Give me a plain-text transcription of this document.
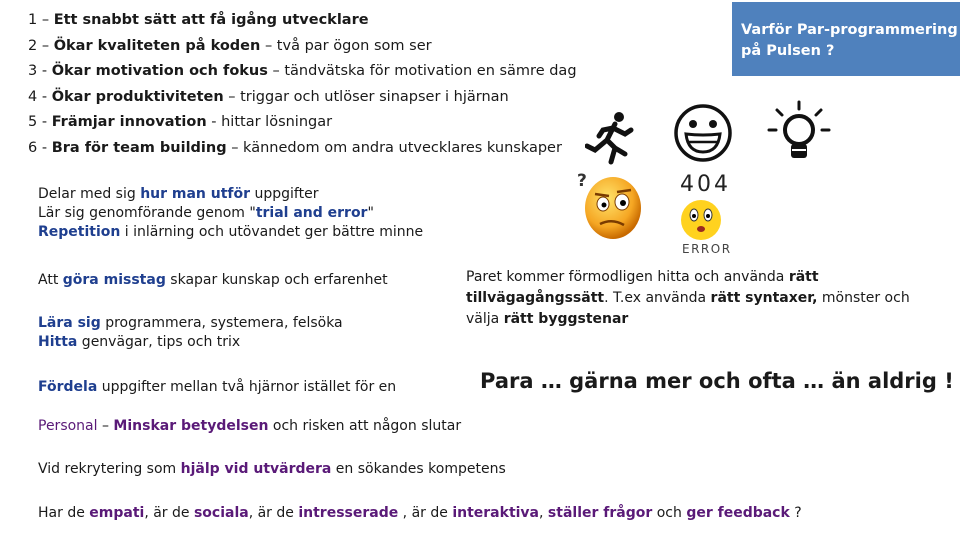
1 – Ett snabbt sätt att få igång utvecklare
2 – Ökar kvaliteten på koden – två par ögon som ser
3 - Ökar motivation och fokus – tändvätska för motivation en sämre dag
4 - Ökar produktiviteten – triggar och utlöser sinapser i hjärnan
5 - Främjar innovation - hittar lösningar
6 - Bra för team building – kännedom om andra utvecklares kunskaper
Varför Par-programmering
på Pulsen ?
?	404
ERROR
Delar med sig hur man utför uppgifter
Lär sig genomförande genom "trial and error"
Repetition i inlärning och utövandet ger bättre minne
Att göra misstag skapar kunskap och erfarenhet
Lära sig programmera, systemera, felsöka
Hitta genvägar, tips och trix
Fördela uppgifter mellan två hjärnor istället för en
Paret kommer förmodligen hitta och använda rätt
tillvägagångssätt. T.ex använda rätt syntaxer, mönster och
välja rätt byggstenar
Para … gärna mer och ofta … än aldrig !
Personal – Minskar betydelsen och risken att någon slutar
Vid rekrytering som hjälp vid utvärdera en sökandes kompetens
Har de empati, är de sociala, är de intresserade , är de interaktiva, ställer frågor och ger feedback ?
